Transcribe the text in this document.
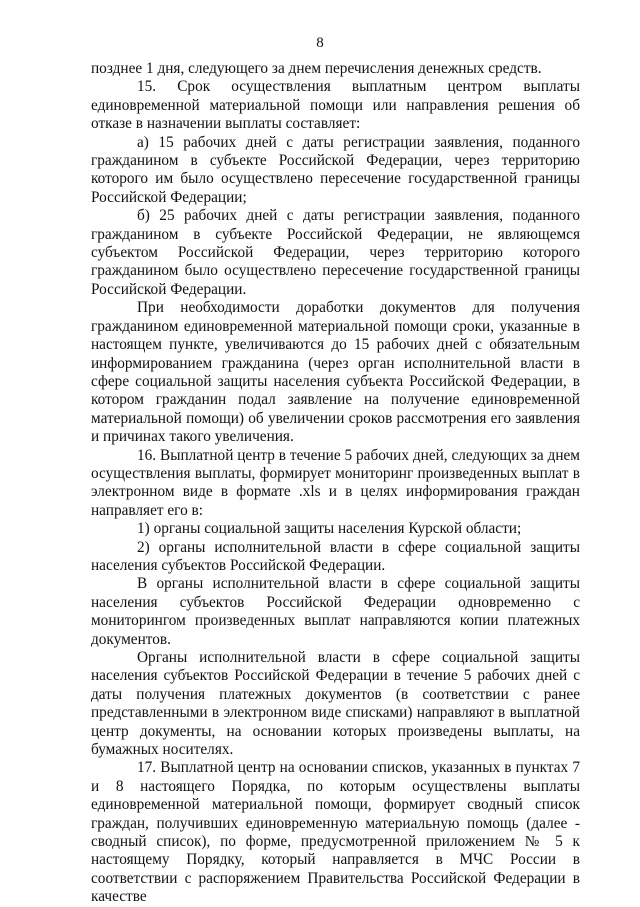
8

позднее 1 дня, следующего за днем перечисления денежных средств.

15. Срок осуществления выплатным центром выплаты единовременной материальной помощи или направления решения об отказе в назначении выплаты составляет:

а) 15 рабочих дней с даты регистрации заявления, поданного гражданином в субъекте Российской Федерации, через территорию которого им было осуществлено пересечение государственной границы Российской Федерации;

б) 25 рабочих дней с даты регистрации заявления, поданного гражданином в субъекте Российской Федерации, не являющемся субъектом Российской Федерации, через территорию которого гражданином было осуществлено пересечение государственной границы Российской Федерации.

При необходимости доработки документов для получения гражданином единовременной материальной помощи сроки, указанные в настоящем пункте, увеличиваются до 15 рабочих дней с обязательным информированием гражданина (через орган исполнительной власти в сфере социальной защиты населения субъекта Российской Федерации, в котором гражданин подал заявление на получение единовременной материальной помощи) об увеличении сроков рассмотрения его заявления и причинах такого увеличения.

16. Выплатной центр в течение 5 рабочих дней, следующих за днем осуществления выплаты, формирует мониторинг произведенных выплат в электронном виде в формате .xls и в целях информирования граждан направляет его в:

1) органы социальной защиты населения Курской области;

2) органы исполнительной власти в сфере социальной защиты населения субъектов Российской Федерации.

В органы исполнительной власти в сфере социальной защиты населения субъектов Российской Федерации одновременно с мониторингом произведенных выплат направляются копии платежных документов.

Органы исполнительной власти в сфере социальной защиты населения субъектов Российской Федерации в течение 5 рабочих дней с даты получения платежных документов (в соответствии с ранее представленными в электронном виде списками) направляют в выплатной центр документы, на основании которых произведены выплаты, на бумажных носителях.

17. Выплатной центр на основании списков, указанных в пунктах 7 и 8 настоящего Порядка, по которым осуществлены выплаты единовременной материальной помощи, формирует сводный список граждан, получивших единовременную материальную помощь (далее - сводный список), по форме, предусмотренной приложением № 5 к настоящему Порядку, который направляется в МЧС России в соответствии с распоряжением Правительства Российской Федерации в качестве
